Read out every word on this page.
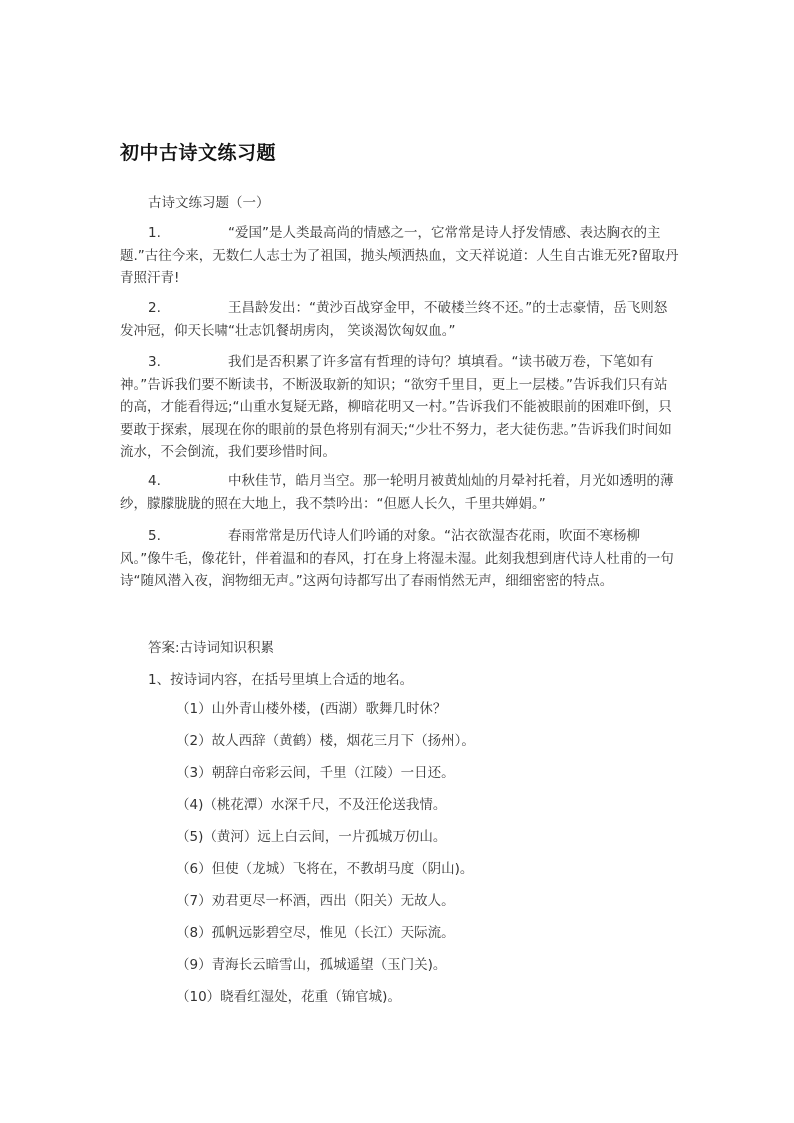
初中古诗文练习题
古诗文练习题（一）

1.	“爱国”是人类最高尚的情感之一，它常常是诗人抒发情感、表达胸衣的主题.”古往今来，无数仁人志士为了祖国，抛头颅洒热血，文天祥说道：人生自古谁无死?留取丹青照汗青!

2.	王昌龄发出：“黄沙百战穿金甲，不破楼兰终不还。”的士志豪情，岳飞则怒发冲冠，仰天长啸“壮志饥餐胡虏肉， 笑谈渴饮匈奴血。”

3.	我们是否积累了许多富有哲理的诗句？填填看。“读书破万卷，下笔如有神。”告诉我们要不断读书，不断汲取新的知识；“欲穷千里目，更上一层楼。”告诉我们只有站的高，才能看得远;“山重水复疑无路，柳暗花明又一村。”告诉我们不能被眼前的困难吓倒，只要敢于探索，展现在你的眼前的景色将别有洞天;“少壮不努力，老大徒伤悲。”告诉我们时间如流水，不会倒流，我们要珍惜时间。

4.	中秋佳节，皓月当空。那一轮明月被黄灿灿的月晕衬托着，月光如透明的薄纱，朦朦胧胧的照在大地上，我不禁吟出：“但愿人长久，千里共婵娟。”

5.	春雨常常是历代诗人们吟诵的对象。“沾衣欲湿杏花雨，吹面不寒杨柳风。”像牛毛，像花针，伴着温和的春风，打在身上将湿未湿。此刻我想到唐代诗人杜甫的一句诗“随风潜入夜，润物细无声。”这两句诗都写出了春雨悄然无声，细细密密的特点。

答案:古诗词知识积累
1、按诗词内容，在括号里填上合适的地名。
（1）山外青山楼外楼，(西湖）歌舞几时休？
（2）故人西辞（黄鹤）楼，烟花三月下（扬州）。
（3）朝辞白帝彩云间，千里（江陵）一日还。
（4)（桃花潭）水深千尺，不及汪伦送我情。
（5)（黄河）远上白云间，一片孤城万仞山。
（6）但使（龙城）飞将在，不教胡马度（阴山)。
（7）劝君更尽一杯酒，西出（阳关）无故人。
（8）孤帆远影碧空尽，惟见（长江）天际流。
（9）青海长云暗雪山，孤城遥望（玉门关)。
（10）晓看红湿处，花重（锦官城)。
